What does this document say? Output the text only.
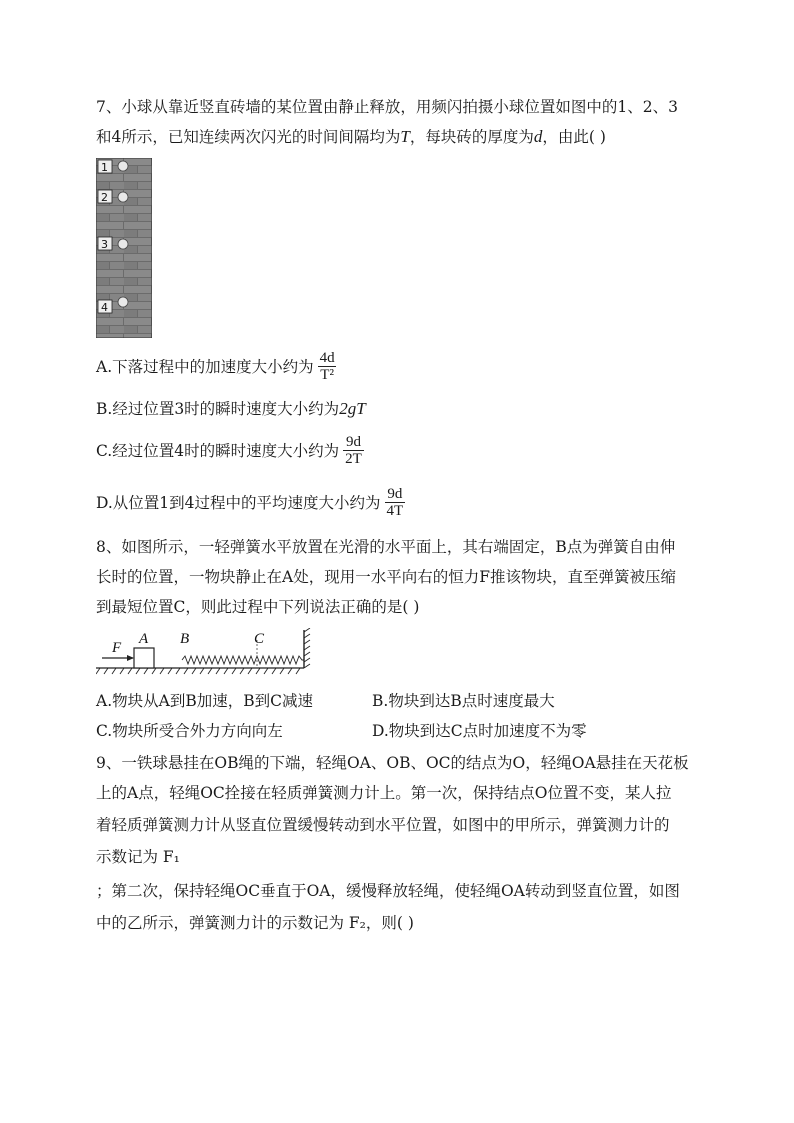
7、小球从靠近竖直砖墙的某位置由静止释放，用频闪拍摄小球位置如图中的1、2、3
和4所示，已知连续两次闪光的时间间隔均为T，每块砖的厚度为d，由此( )
1
2
3
4
A.下落过程中的加速度大小约为 $\frac{4d}{\text{T²}}$
B.经过位置3时的瞬时速度大小约为2gT
C.经过位置4时的瞬时速度大小约为 $\frac{9d}{2T}$
D.从位置1到4过程中的平均速度大小约为 $\frac{9d}{4T}$
8、如图所示，一轻弹簧水平放置在光滑的水平面上，其右端固定，B点为弹簧自由伸
长时的位置，一物块静止在A处，现用一水平向右的恒力F推该物块，直至弹簧被压缩
到最短位置C，则此过程中下列说法正确的是( )
F
A B	C
A.物块从A到B加速，B到C减速	B.物块到达B点时速度最大
C.物块所受合外力方向向左	D.物块到达C点时加速度不为零
9、一铁球悬挂在OB绳的下端，轻绳OA、OB、OC的结点为O，轻绳OA悬挂在天花板
上的A点，轻绳OC拴接在轻质弹簧测力计上。第一次，保持结点O位置不变，某人拉
着轻质弹簧测力计从竖直位置缓慢转动到水平位置，如图中的甲所示，弹簧测力计的
示数记为 F₁
；第二次，保持轻绳OC垂直于OA，缓慢释放轻绳，使轻绳OA转动到竖直位置，如图
中的乙所示，弹簧测力计的示数记为 F₂，则( )
